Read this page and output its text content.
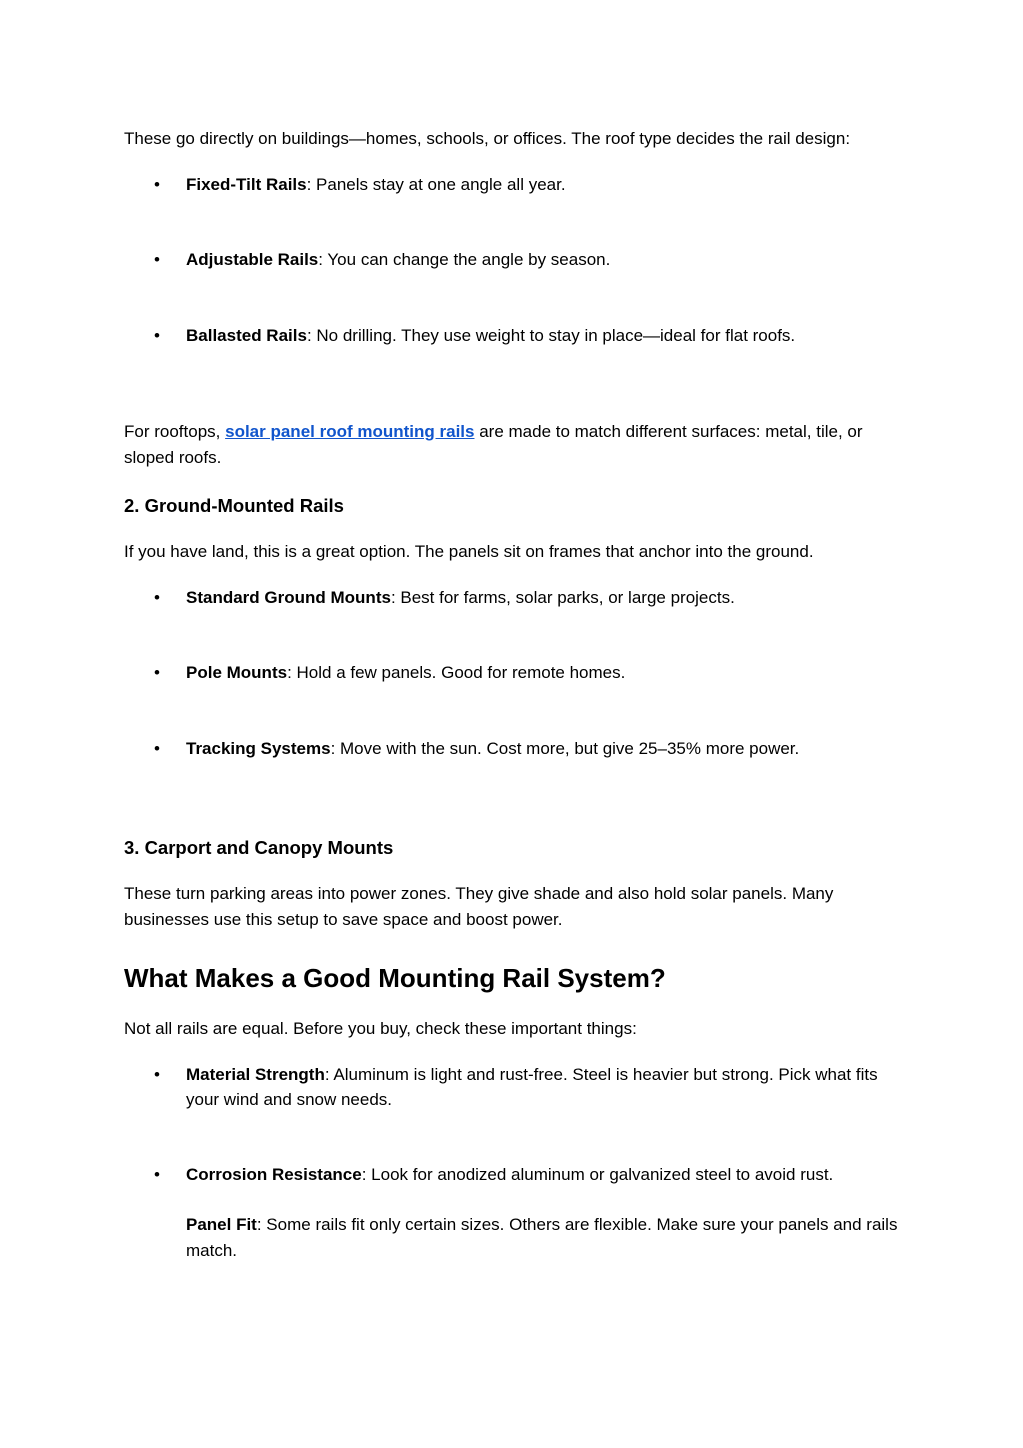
These go directly on buildings—homes, schools, or offices. The roof type decides the rail design:

• Fixed-Tilt Rails: Panels stay at one angle all year.
• Adjustable Rails: You can change the angle by season.
• Ballasted Rails: No drilling. They use weight to stay in place—ideal for flat roofs.

For rooftops, solar panel roof mounting rails are made to match different surfaces: metal, tile, or sloped roofs.

2. Ground-Mounted Rails

If you have land, this is a great option. The panels sit on frames that anchor into the ground.

• Standard Ground Mounts: Best for farms, solar parks, or large projects.
• Pole Mounts: Hold a few panels. Good for remote homes.
• Tracking Systems: Move with the sun. Cost more, but give 25–35% more power.
3. Carport and Canopy Mounts

These turn parking areas into power zones. They give shade and also hold solar panels. Many businesses use this setup to save space and boost power.

What Makes a Good Mounting Rail System?

Not all rails are equal. Before you buy, check these important things:

• Material Strength: Aluminum is light and rust-free. Steel is heavier but strong. Pick what fits your wind and snow needs.
• Corrosion Resistance: Look for anodized aluminum or galvanized steel to avoid rust.

Panel Fit: Some rails fit only certain sizes. Others are flexible. Make sure your panels and rails match.
